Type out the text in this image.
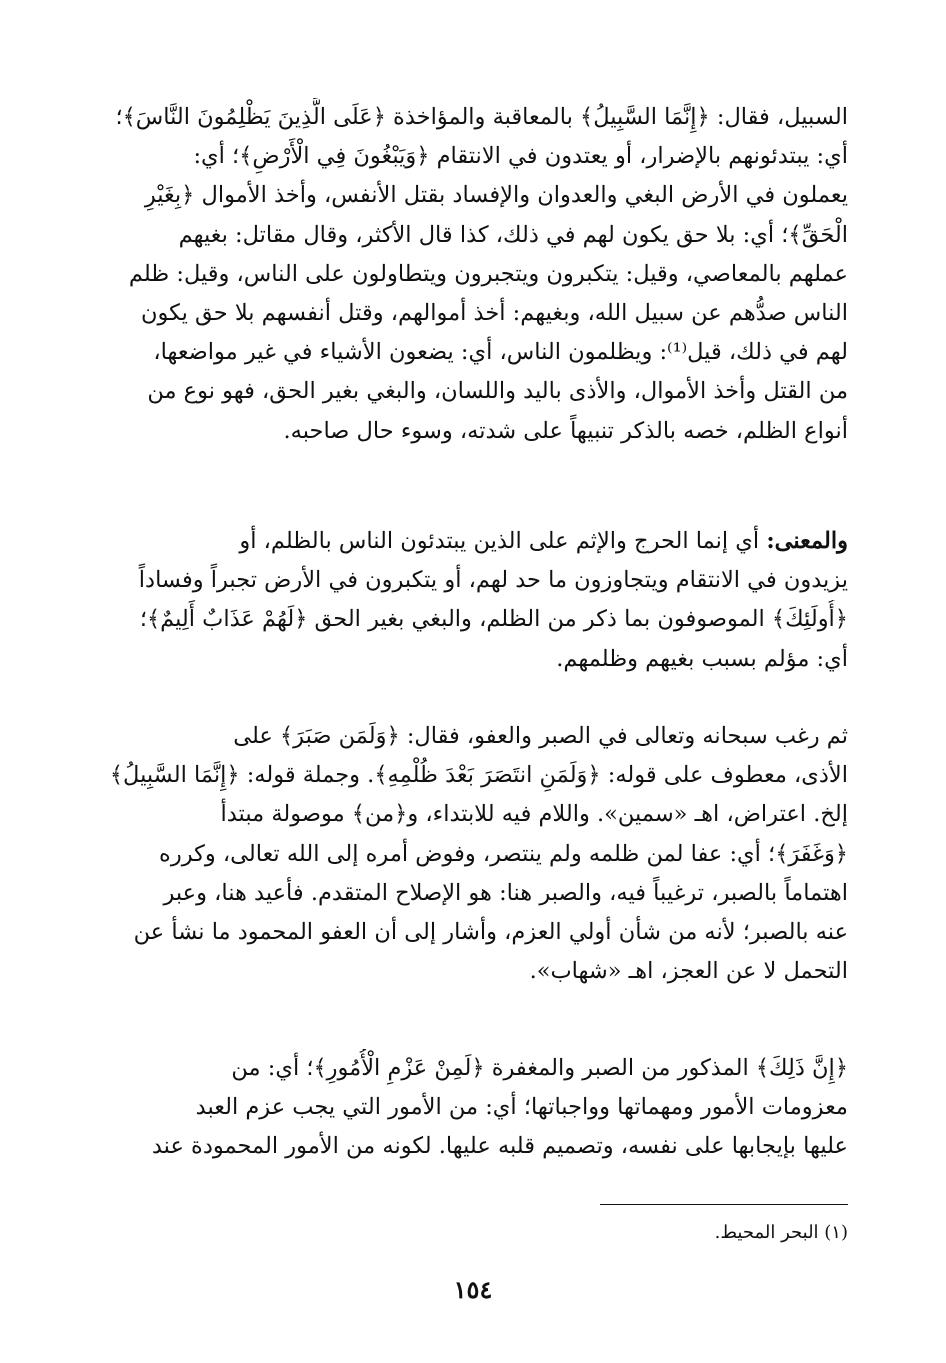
السبيل، فقال: ﴿إِنَّمَا السَّبِيلُ﴾ بالمعاقبة والمؤاخذة ﴿عَلَى الَّذِينَ يَظْلِمُونَ النَّاسَ﴾؛
أي: يبتدئونهم بالإضرار، أو يعتدون في الانتقام ﴿وَيَبْغُونَ فِي الْأَرْضِ﴾؛ أي:
يعملون في الأرض البغي والعدوان والإفساد بقتل الأنفس، وأخذ الأموال ﴿بِغَيْرِ
الْحَقِّ﴾؛ أي: بلا حق يكون لهم في ذلك، كذا قال الأكثر، وقال مقاتل: بغيهم
عملهم بالمعاصي، وقيل: يتكبرون ويتجبرون ويتطاولون على الناس، وقيل: ظلم
الناس صدُّهم عن سبيل الله، وبغيهم: أخذ أموالهم، وقتل أنفسهم بلا حق يكون
لهم في ذلك، قيل⁽¹⁾: ويظلمون الناس، أي: يضعون الأشياء في غير مواضعها،
من القتل وأخذ الأموال، والأذى باليد واللسان، والبغي بغير الحق، فهو نوع من
أنواع الظلم، خصه بالذكر تنبيهاً على شدته، وسوء حال صاحبه.
والمعنى: أي إنما الحرج والإثم على الذين يبتدئون الناس بالظلم، أو
يزيدون في الانتقام ويتجاوزون ما حد لهم، أو يتكبرون في الأرض تجبراً وفساداً
﴿أُولَئِكَ﴾ الموصوفون بما ذكر من الظلم، والبغي بغير الحق ﴿لَهُمْ عَذَابٌ أَلِيمٌ﴾؛
أي: مؤلم بسبب بغيهم وظلمهم.
ثم رغب سبحانه وتعالى في الصبر والعفو، فقال: ﴿وَلَمَن صَبَرَ﴾ على
الأذى، معطوف على قوله: ﴿وَلَمَنِ انتَصَرَ بَعْدَ ظُلْمِهِ﴾. وجملة قوله: ﴿إِنَّمَا السَّبِيلُ﴾
إلخ. اعتراض، اهـ «سمين». واللام فيه للابتداء، و﴿من﴾ موصولة مبتدأ
﴿وَغَفَرَ﴾؛ أي: عفا لمن ظلمه ولم ينتصر، وفوض أمره إلى الله تعالى، وكرره
اهتماماً بالصبر، ترغيباً فيه، والصبر هنا: هو الإصلاح المتقدم. فأعيد هنا، وعبر
عنه بالصبر؛ لأنه من شأن أولي العزم، وأشار إلى أن العفو المحمود ما نشأ عن
التحمل لا عن العجز، اهـ «شهاب».
﴿إِنَّ ذَلِكَ﴾ المذكور من الصبر والمغفرة ﴿لَمِنْ عَزْمِ الْأُمُورِ﴾؛ أي: من
معزومات الأمور ومهماتها وواجباتها؛ أي: من الأمور التي يجب عزم العبد
عليها بإيجابها على نفسه، وتصميم قلبه عليها. لكونه من الأمور المحمودة عند
(١) البحر المحيط.
١٥٤
